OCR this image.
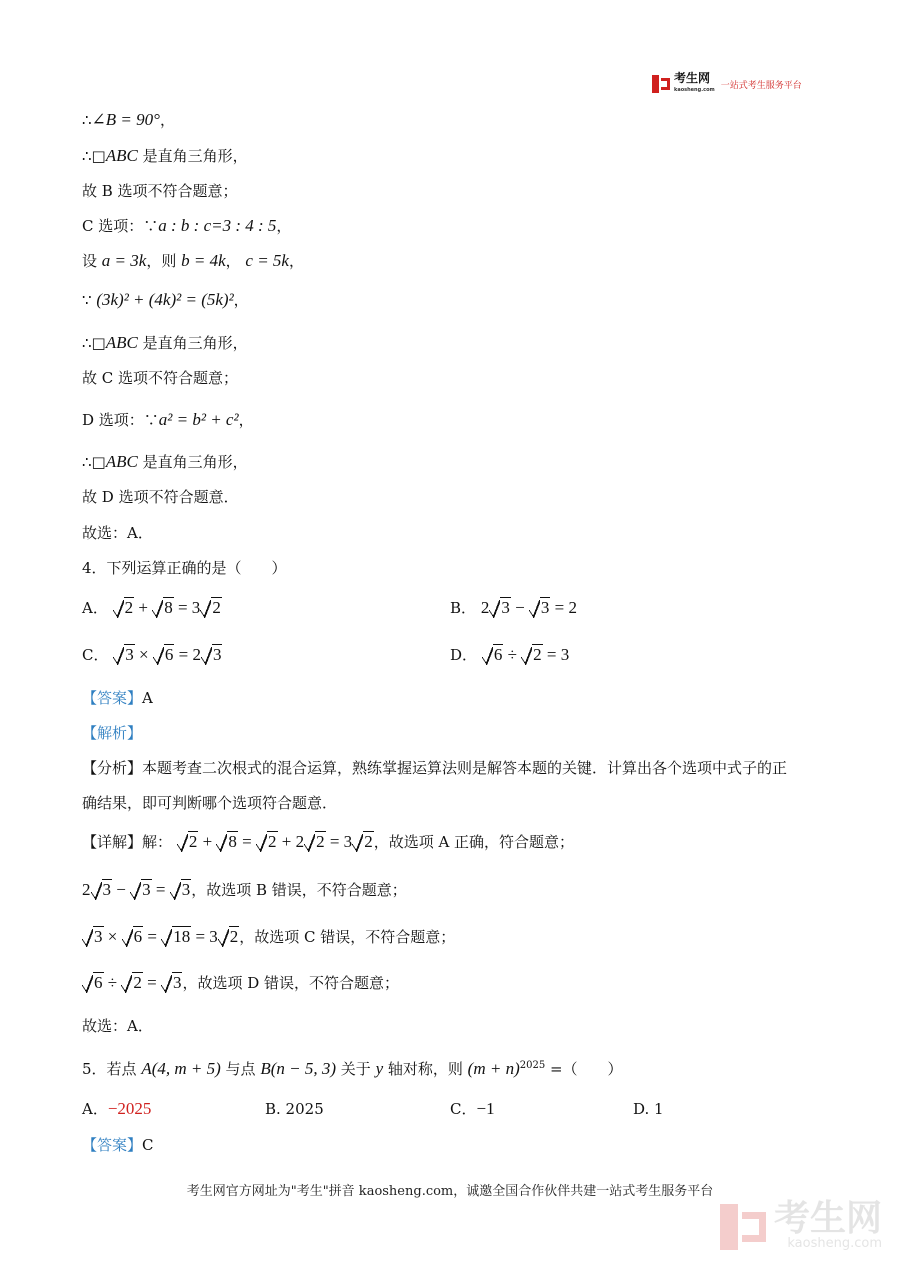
考生网
kaosheng.com 一站式考生服务平台
∴∠B = 90°，
∴□ABC 是直角三角形，
故 B 选项不符合题意；
C 选项：∵a : b : c=3 : 4 : 5，
设 a = 3k，则 b = 4k， c = 5k，
∵ (3k)² + (4k)² = (5k)²，
∴□ABC 是直角三角形，
故 C 选项不符合题意；
D 选项：∵a² = b² + c²，
∴□ABC 是直角三角形，
故 D 选项不符合题意．
故选：A．
4．下列运算正确的是（　　）
A． 2 + 8 = 3 2	B． 2 3 − 3 = 2
C． 3 × 6 = 2 3	D． 6 ÷ 2 = 3
【答案】A
【解析】
【分析】本题考查二次根式的混合运算，熟练掌握运算法则是解答本题的关键．计算出各个选项中式子的正
确结果，即可判断哪个选项符合题意．
【详解】解： 2 + 8 = 2 + 2 2 = 3 2，故选项 A 正确，符合题意；
2 3 − 3 = 3，故选项 B 错误，不符合题意；
3 × 6 = 18 = 3 2，故选项 C 错误，不符合题意；
6 ÷ 2 = 3，故选项 D 错误，不符合题意；
故选：A．
5．若点 A(4, m + 5) 与点 B(n − 5, 3) 关于 y 轴对称，则 $(m + n)^{2025}$ =（　　）
A．−2025	B. 2025	C．−1	D. 1
【答案】C
考生网官方网址为"考生"拼音 kaosheng.com，诚邀全国合作伙伴共建一站式考生服务平台
考生网
kaosheng.com
